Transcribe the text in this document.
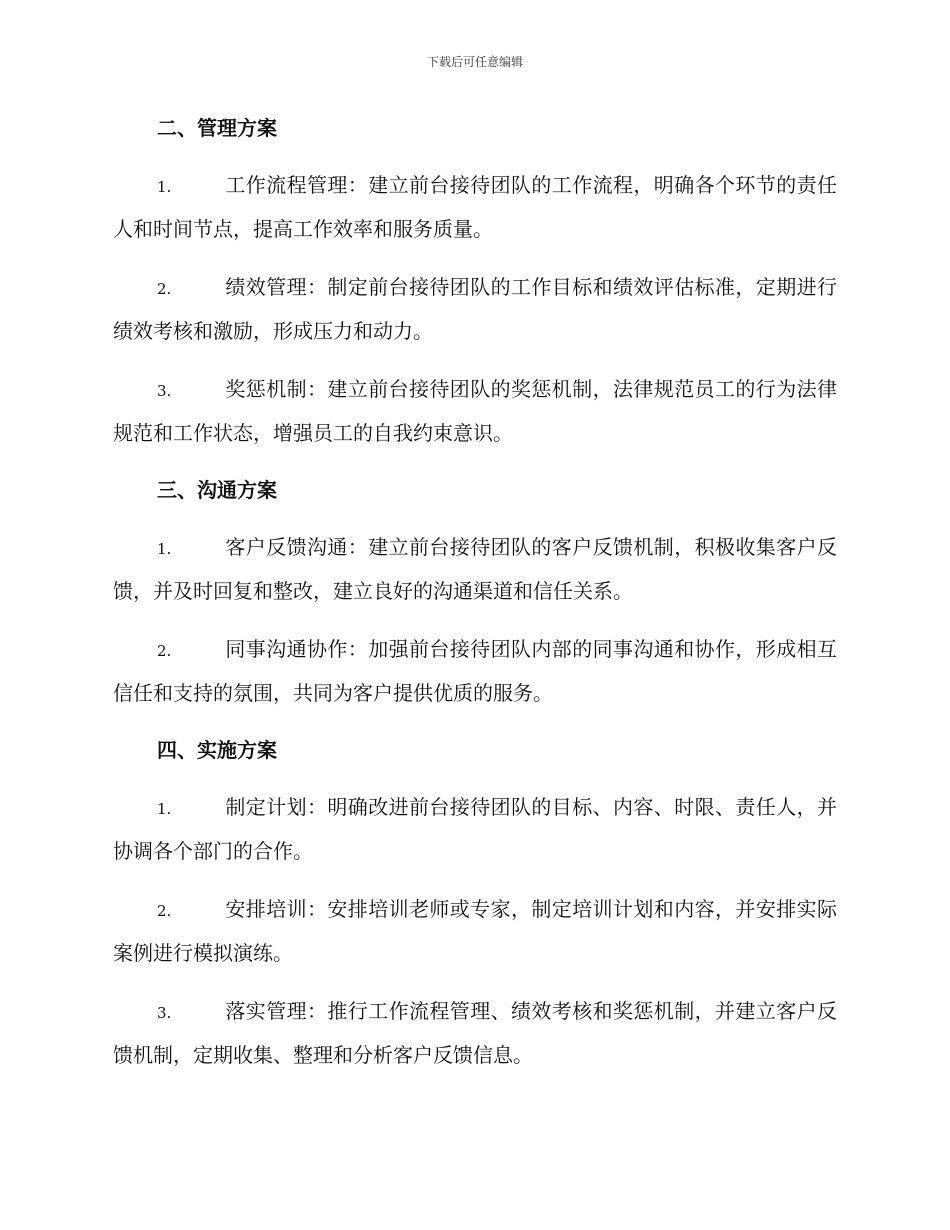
下载后可任意编辑
二、管理方案

1.	工作流程管理：建立前台接待团队的工作流程，明确各个环节的责任人和时间节点，提高工作效率和服务质量。

2.	绩效管理：制定前台接待团队的工作目标和绩效评估标准，定期进行绩效考核和激励，形成压力和动力。

3.	奖惩机制：建立前台接待团队的奖惩机制，法律规范员工的行为法律规范和工作状态，增强员工的自我约束意识。

三、沟通方案

1.	客户反馈沟通：建立前台接待团队的客户反馈机制，积极收集客户反馈，并及时回复和整改，建立良好的沟通渠道和信任关系。

2.	同事沟通协作：加强前台接待团队内部的同事沟通和协作，形成相互信任和支持的氛围，共同为客户提供优质的服务。

四、实施方案

1.	制定计划：明确改进前台接待团队的目标、内容、时限、责任人，并协调各个部门的合作。

2.	安排培训：安排培训老师或专家，制定培训计划和内容，并安排实际案例进行模拟演练。

3.	落实管理：推行工作流程管理、绩效考核和奖惩机制，并建立客户反馈机制，定期收集、整理和分析客户反馈信息。
